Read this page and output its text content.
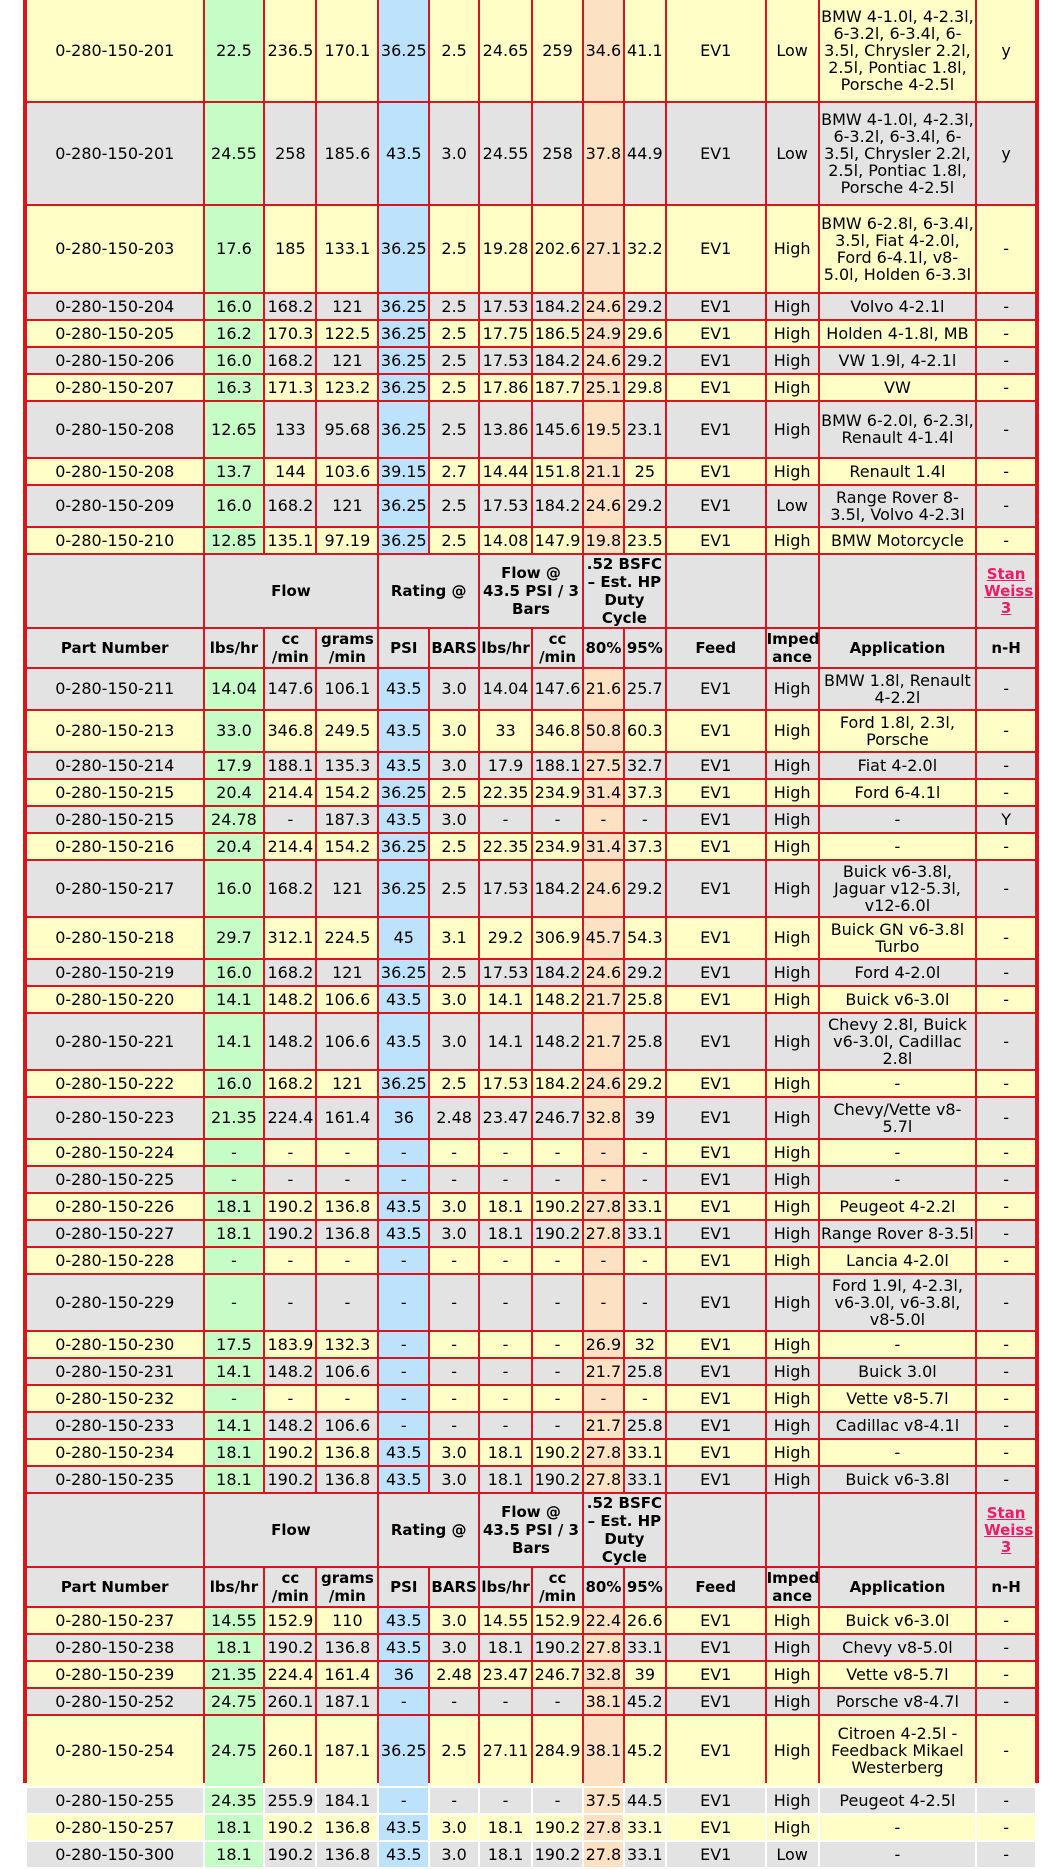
0-280-150-201	22.5	236.5	170.1	36.25	2.5	24.65	259	34.6	41.1	EV1	Low	BMW 4-1.0l, 4-2.3l, 6-3.2l, 6-3.4l, 6-3.5l, Chrysler 2.2l, 2.5l, Pontiac 1.8l, Porsche 4-2.5l	y
0-280-150-201	24.55	258	185.6	43.5	3.0	24.55	258	37.8	44.9	EV1	Low	BMW 4-1.0l, 4-2.3l, 6-3.2l, 6-3.4l, 6-3.5l, Chrysler 2.2l, 2.5l, Pontiac 1.8l, Porsche 4-2.5l	y
0-280-150-203	17.6	185	133.1	36.25	2.5	19.28	202.6	27.1	32.2	EV1	High	BMW 6-2.8l, 6-3.4l, 3.5l, Fiat 4-2.0l, Ford 6-4.1l, v8-5.0l, Holden 6-3.3l	-
0-280-150-204	16.0	168.2	121	36.25	2.5	17.53	184.2	24.6	29.2	EV1	High	Volvo 4-2.1l	-
0-280-150-205	16.2	170.3	122.5	36.25	2.5	17.75	186.5	24.9	29.6	EV1	High	Holden 4-1.8l, MB	-
0-280-150-206	16.0	168.2	121	36.25	2.5	17.53	184.2	24.6	29.2	EV1	High	VW 1.9l, 4-2.1l	-
0-280-150-207	16.3	171.3	123.2	36.25	2.5	17.86	187.7	25.1	29.8	EV1	High	VW	-
0-280-150-208	12.65	133	95.68	36.25	2.5	13.86	145.6	19.5	23.1	EV1	High	BMW 6-2.0l, 6-2.3l, Renault 4-1.4l	-
0-280-150-208	13.7	144	103.6	39.15	2.7	14.44	151.8	21.1	25	EV1	High	Renault 1.4l	-
0-280-150-209	16.0	168.2	121	36.25	2.5	17.53	184.2	24.6	29.2	EV1	Low	Range Rover 8-3.5l, Volvo 4-2.3l	-
0-280-150-210	12.85	135.1	97.19	36.25	2.5	14.08	147.9	19.8	23.5	EV1	High	BMW Motorcycle	-
	Flow			Rating @		Flow @ 43.5 PSI / 3 Bars		.52 BSFC – Est. HP Duty Cycle					Stan Weiss 3
Part Number	lbs/hr	cc /min	grams /min	PSI	BARS	lbs/hr	cc /min	80%	95%	Feed	Imped ance	Application	n-H
0-280-150-211	14.04	147.6	106.1	43.5	3.0	14.04	147.6	21.6	25.7	EV1	High	BMW 1.8l, Renault 4-2.2l	-
0-280-150-213	33.0	346.8	249.5	43.5	3.0	33	346.8	50.8	60.3	EV1	High	Ford 1.8l, 2.3l, Porsche	-
0-280-150-214	17.9	188.1	135.3	43.5	3.0	17.9	188.1	27.5	32.7	EV1	High	Fiat 4-2.0l	-
0-280-150-215	20.4	214.4	154.2	36.25	2.5	22.35	234.9	31.4	37.3	EV1	High	Ford 6-4.1l	-
0-280-150-215	24.78	-	187.3	43.5	3.0	-	-	-	-	EV1	High	-	Y
0-280-150-216	20.4	214.4	154.2	36.25	2.5	22.35	234.9	31.4	37.3	EV1	High	-	-
0-280-150-217	16.0	168.2	121	36.25	2.5	17.53	184.2	24.6	29.2	EV1	High	Buick v6-3.8l, Jaguar v12-5.3l, v12-6.0l	-
0-280-150-218	29.7	312.1	224.5	45	3.1	29.2	306.9	45.7	54.3	EV1	High	Buick GN v6-3.8l Turbo	-
0-280-150-219	16.0	168.2	121	36.25	2.5	17.53	184.2	24.6	29.2	EV1	High	Ford 4-2.0l	-
0-280-150-220	14.1	148.2	106.6	43.5	3.0	14.1	148.2	21.7	25.8	EV1	High	Buick v6-3.0l	-
0-280-150-221	14.1	148.2	106.6	43.5	3.0	14.1	148.2	21.7	25.8	EV1	High	Chevy 2.8l, Buick v6-3.0l, Cadillac 2.8l	-
0-280-150-222	16.0	168.2	121	36.25	2.5	17.53	184.2	24.6	29.2	EV1	High	-	-
0-280-150-223	21.35	224.4	161.4	36	2.48	23.47	246.7	32.8	39	EV1	High	Chevy/Vette v8-5.7l	-
0-280-150-224	-	-	-	-	-	-	-	-	-	EV1	High	-	-
0-280-150-225	-	-	-	-	-	-	-	-	-	EV1	High	-	-
0-280-150-226	18.1	190.2	136.8	43.5	3.0	18.1	190.2	27.8	33.1	EV1	High	Peugeot 4-2.2l	-
0-280-150-227	18.1	190.2	136.8	43.5	3.0	18.1	190.2	27.8	33.1	EV1	High	Range Rover 8-3.5l	-
0-280-150-228	-	-	-	-	-	-	-	-	-	EV1	High	Lancia 4-2.0l	-
0-280-150-229	-	-	-	-	-	-	-	-	-	EV1	High	Ford 1.9l, 4-2.3l, v6-3.0l, v6-3.8l, v8-5.0l	-
0-280-150-230	17.5	183.9	132.3	-	-	-	-	26.9	32	EV1	High	-	-
0-280-150-231	14.1	148.2	106.6	-	-	-	-	21.7	25.8	EV1	High	Buick 3.0l	-
0-280-150-232	-	-	-	-	-	-	-	-	-	EV1	High	Vette v8-5.7l	-
0-280-150-233	14.1	148.2	106.6	-	-	-	-	21.7	25.8	EV1	High	Cadillac v8-4.1l	-
0-280-150-234	18.1	190.2	136.8	43.5	3.0	18.1	190.2	27.8	33.1	EV1	High	-	-
0-280-150-235	18.1	190.2	136.8	43.5	3.0	18.1	190.2	27.8	33.1	EV1	High	Buick v6-3.8l	-
	Flow			Rating @		Flow @ 43.5 PSI / 3 Bars		.52 BSFC – Est. HP Duty Cycle					Stan Weiss 3
Part Number	lbs/hr	cc /min	grams /min	PSI	BARS	lbs/hr	cc /min	80%	95%	Feed	Imped ance	Application	n-H
0-280-150-237	14.55	152.9	110	43.5	3.0	14.55	152.9	22.4	26.6	EV1	High	Buick v6-3.0l	-
0-280-150-238	18.1	190.2	136.8	43.5	3.0	18.1	190.2	27.8	33.1	EV1	High	Chevy v8-5.0l	-
0-280-150-239	21.35	224.4	161.4	36	2.48	23.47	246.7	32.8	39	EV1	High	Vette v8-5.7l	-
0-280-150-252	24.75	260.1	187.1	-	-	-	-	38.1	45.2	EV1	High	Porsche v8-4.7l	-
0-280-150-254	24.75	260.1	187.1	36.25	2.5	27.11	284.9	38.1	45.2	EV1	High	Citroen 4-2.5l - Feedback Mikael Westerberg	-
0-280-150-255	24.35	255.9	184.1	-	-	-	-	37.5	44.5	EV1	High	Peugeot 4-2.5l	-
0-280-150-257	18.1	190.2	136.8	43.5	3.0	18.1	190.2	27.8	33.1	EV1	High	-	-
0-280-150-300	18.1	190.2	136.8	43.5	3.0	18.1	190.2	27.8	33.1	EV1	Low	-	-
